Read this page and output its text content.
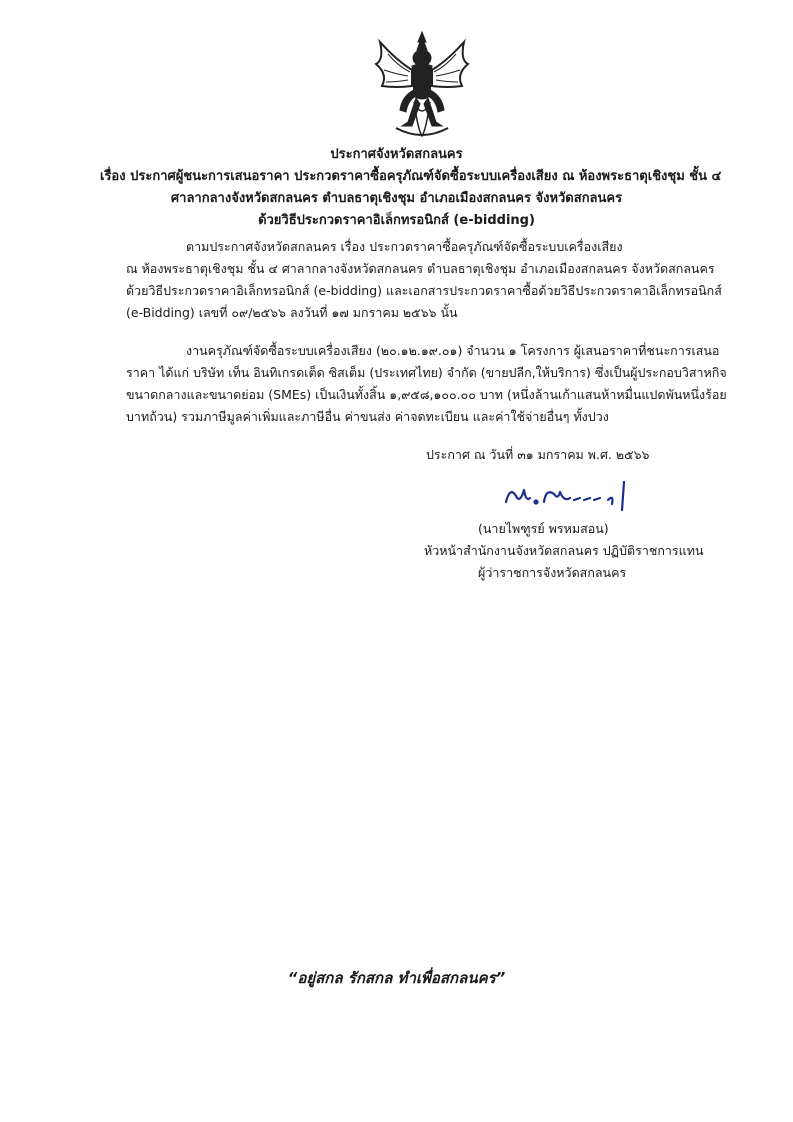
ประกาศจังหวัดสกลนคร
เรื่อง ประกาศผู้ชนะการเสนอราคา ประกวดราคาซื้อครุภัณฑ์จัดซื้อระบบเครื่องเสียง ณ ห้องพระธาตุเชิงชุม ชั้น ๔
ศาลากลางจังหวัดสกลนคร ตำบลธาตุเชิงชุม อำเภอเมืองสกลนคร จังหวัดสกลนคร
ด้วยวิธีประกวดราคาอิเล็กทรอนิกส์ (e-bidding)
ตามประกาศจังหวัดสกลนคร เรื่อง ประกวดราคาซื้อครุภัณฑ์จัดซื้อระบบเครื่องเสียง
ณ ห้องพระธาตุเชิงชุม ชั้น ๔ ศาลากลางจังหวัดสกลนคร ตำบลธาตุเชิงชุม อำเภอเมืองสกลนคร จังหวัดสกลนคร
ด้วยวิธีประกวดราคาอิเล็กทรอนิกส์ (e-bidding) และเอกสารประกวดราคาซื้อด้วยวิธีประกวดราคาอิเล็กทรอนิกส์
(e-Bidding) เลขที่ ๐๙/๒๕๖๖ ลงวันที่ ๑๗ มกราคม ๒๕๖๖ นั้น
งานครุภัณฑ์จัดซื้อระบบเครื่องเสียง (๒๐.๑๒.๑๙.๐๑) จำนวน ๑ โครงการ ผู้เสนอราคาที่ชนะการเสนอ
ราคา ได้แก่ บริษัท เท็น อินทิเกรดเต็ด ซิสเต็ม (ประเทศไทย) จำกัด (ขายปลีก,ให้บริการ) ซึ่งเป็นผู้ประกอบวิสาหกิจ
ขนาดกลางและขนาดย่อม (SMEs) เป็นเงินทั้งสิ้น ๑,๙๕๘,๑๐๐.๐๐ บาท (หนึ่งล้านเก้าแสนห้าหมื่นแปดพันหนึ่งร้อย
บาทถ้วน) รวมภาษีมูลค่าเพิ่มและภาษีอื่น ค่าขนส่ง ค่าจดทะเบียน และค่าใช้จ่ายอื่นๆ ทั้งปวง
ประกาศ ณ วันที่ ๓๑ มกราคม พ.ศ. ๒๕๖๖
(นายไพฑูรย์ พรหมสอน)
หัวหน้าสำนักงานจังหวัดสกลนคร ปฏิบัติราชการแทน
ผู้ว่าราชการจังหวัดสกลนคร
“อยู่สกล รักสกล ทำเพื่อสกลนคร”
